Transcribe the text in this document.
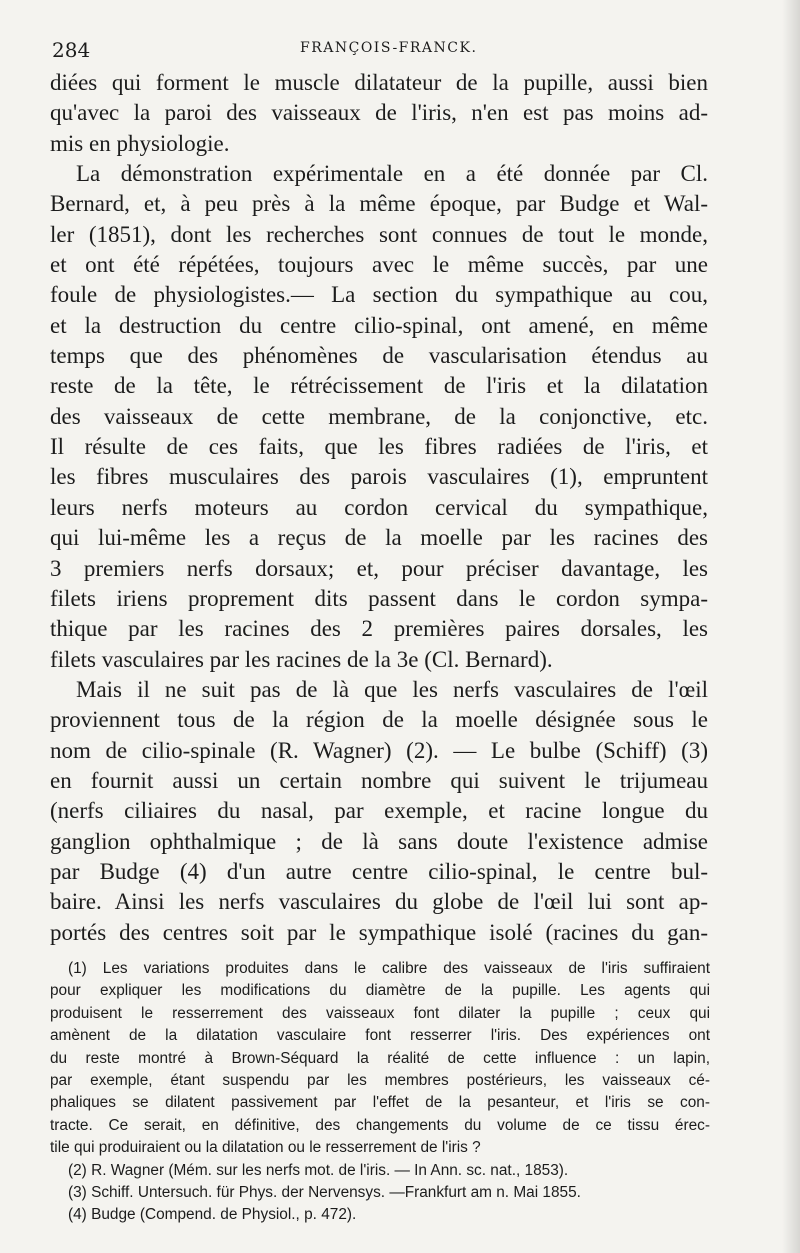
284	FRANÇOIS-FRANCK.
diées qui forment le muscle dilatateur de la pupille, aussi bien
qu'avec la paroi des vaisseaux de l'iris, n'en est pas moins ad-
mis en physiologie.
La démonstration expérimentale en a été donnée par Cl.
Bernard, et, à peu près à la même époque, par Budge et Wal-
ler (1851), dont les recherches sont connues de tout le monde,
et ont été répétées, toujours avec le même succès, par une
foule de physiologistes.— La section du sympathique au cou,
et la destruction du centre cilio-spinal, ont amené, en même
temps que des phénomènes de vascularisation étendus au
reste de la tête, le rétrécissement de l'iris et la dilatation
des vaisseaux de cette membrane, de la conjonctive, etc.
Il résulte de ces faits, que les fibres radiées de l'iris, et
les fibres musculaires des parois vasculaires (1), empruntent
leurs nerfs moteurs au cordon cervical du sympathique,
qui lui-même les a reçus de la moelle par les racines des
3 premiers nerfs dorsaux; et, pour préciser davantage, les
filets iriens proprement dits passent dans le cordon sympa-
thique par les racines des 2 premières paires dorsales, les
filets vasculaires par les racines de la 3e (Cl. Bernard).
Mais il ne suit pas de là que les nerfs vasculaires de l'œil
proviennent tous de la région de la moelle désignée sous le
nom de cilio-spinale (R. Wagner) (2). — Le bulbe (Schiff) (3)
en fournit aussi un certain nombre qui suivent le trijumeau
(nerfs ciliaires du nasal, par exemple, et racine longue du
ganglion ophthalmique ; de là sans doute l'existence admise
par Budge (4) d'un autre centre cilio-spinal, le centre bul-
baire. Ainsi les nerfs vasculaires du globe de l'œil lui sont ap-
portés des centres soit par le sympathique isolé (racines du gan-
(1) Les variations produites dans le calibre des vaisseaux de l'iris suffiraient
pour expliquer les modifications du diamètre de la pupille. Les agents qui
produisent le resserrement des vaisseaux font dilater la pupille ; ceux qui
amènent de la dilatation vasculaire font resserrer l'iris. Des expériences ont
du reste montré à Brown-Séquard la réalité de cette influence : un lapin,
par exemple, étant suspendu par les membres postérieurs, les vaisseaux cé-
phaliques se dilatent passivement par l'effet de la pesanteur, et l'iris se con-
tracte. Ce serait, en définitive, des changements du volume de ce tissu érec-
tile qui produiraient ou la dilatation ou le resserrement de l'iris ?
(2) R. Wagner (Mém. sur les nerfs mot. de l'iris. — In Ann. sc. nat., 1853).
(3) Schiff. Untersuch. für Phys. der Nervensys. —Frankfurt am n. Mai 1855.
(4) Budge (Compend. de Physiol., p. 472).
